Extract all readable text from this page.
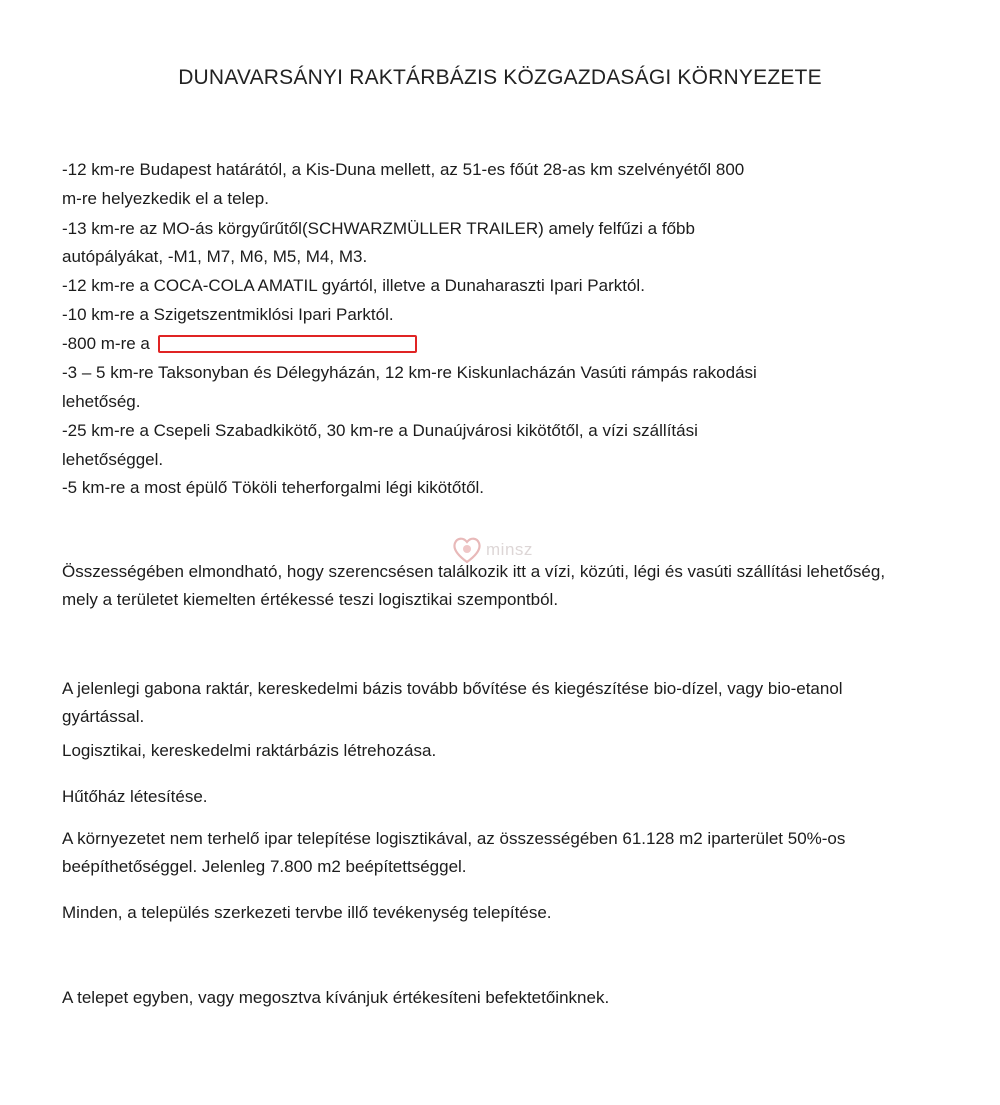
DUNAVARSÁNYI RAKTÁRBÁZIS KÖZGAZDASÁGI KÖRNYEZETE
-12 km-re Budapest határától, a Kis-Duna mellett, az 51-es főút 28-as km szelvényétől 800
m-re helyezkedik el a telep.
-13 km-re az MO-ás körgyűrűtől(SCHWARZMÜLLER TRAILER) amely felfűzi a főbb
autópályákat, -M1, M7, M6, M5, M4, M3.
-12 km-re a COCA-COLA AMATIL gyártól, illetve a Dunaharaszti Ipari Parktól.
-10 km-re a Szigetszentmiklósi Ipari Parktól.
-800 m-re a
-3 – 5 km-re Taksonyban és Délegyházán, 12 km-re Kiskunlacházán Vasúti rámpás rakodási
lehetőség.
-25 km-re a Csepeli Szabadkikötő, 30 km-re a Dunaújvárosi kikötőtől, a vízi szállítási
lehetőséggel.
-5 km-re a most épülő Tököli teherforgalmi légi kikötőtől.
minsz
Összességében elmondható, hogy szerencsésen találkozik itt a vízi, közúti, légi és vasúti szállítási lehetőség, mely a területet kiemelten értékessé teszi logisztikai szempontból.
A jelenlegi gabona raktár, kereskedelmi bázis tovább bővítése és kiegészítése bio-dízel, vagy bio-etanol gyártással.
Logisztikai, kereskedelmi raktárbázis létrehozása.
Hűtőház létesítése.
A környezetet nem terhelő ipar telepítése logisztikával, az összességében 61.128 m2 iparterület 50%-os beépíthetőséggel. Jelenleg 7.800 m2 beépítettséggel.
Minden, a település szerkezeti tervbe illő tevékenység telepítése.
A telepet egyben, vagy megosztva kívánjuk értékesíteni befektetőinknek.
